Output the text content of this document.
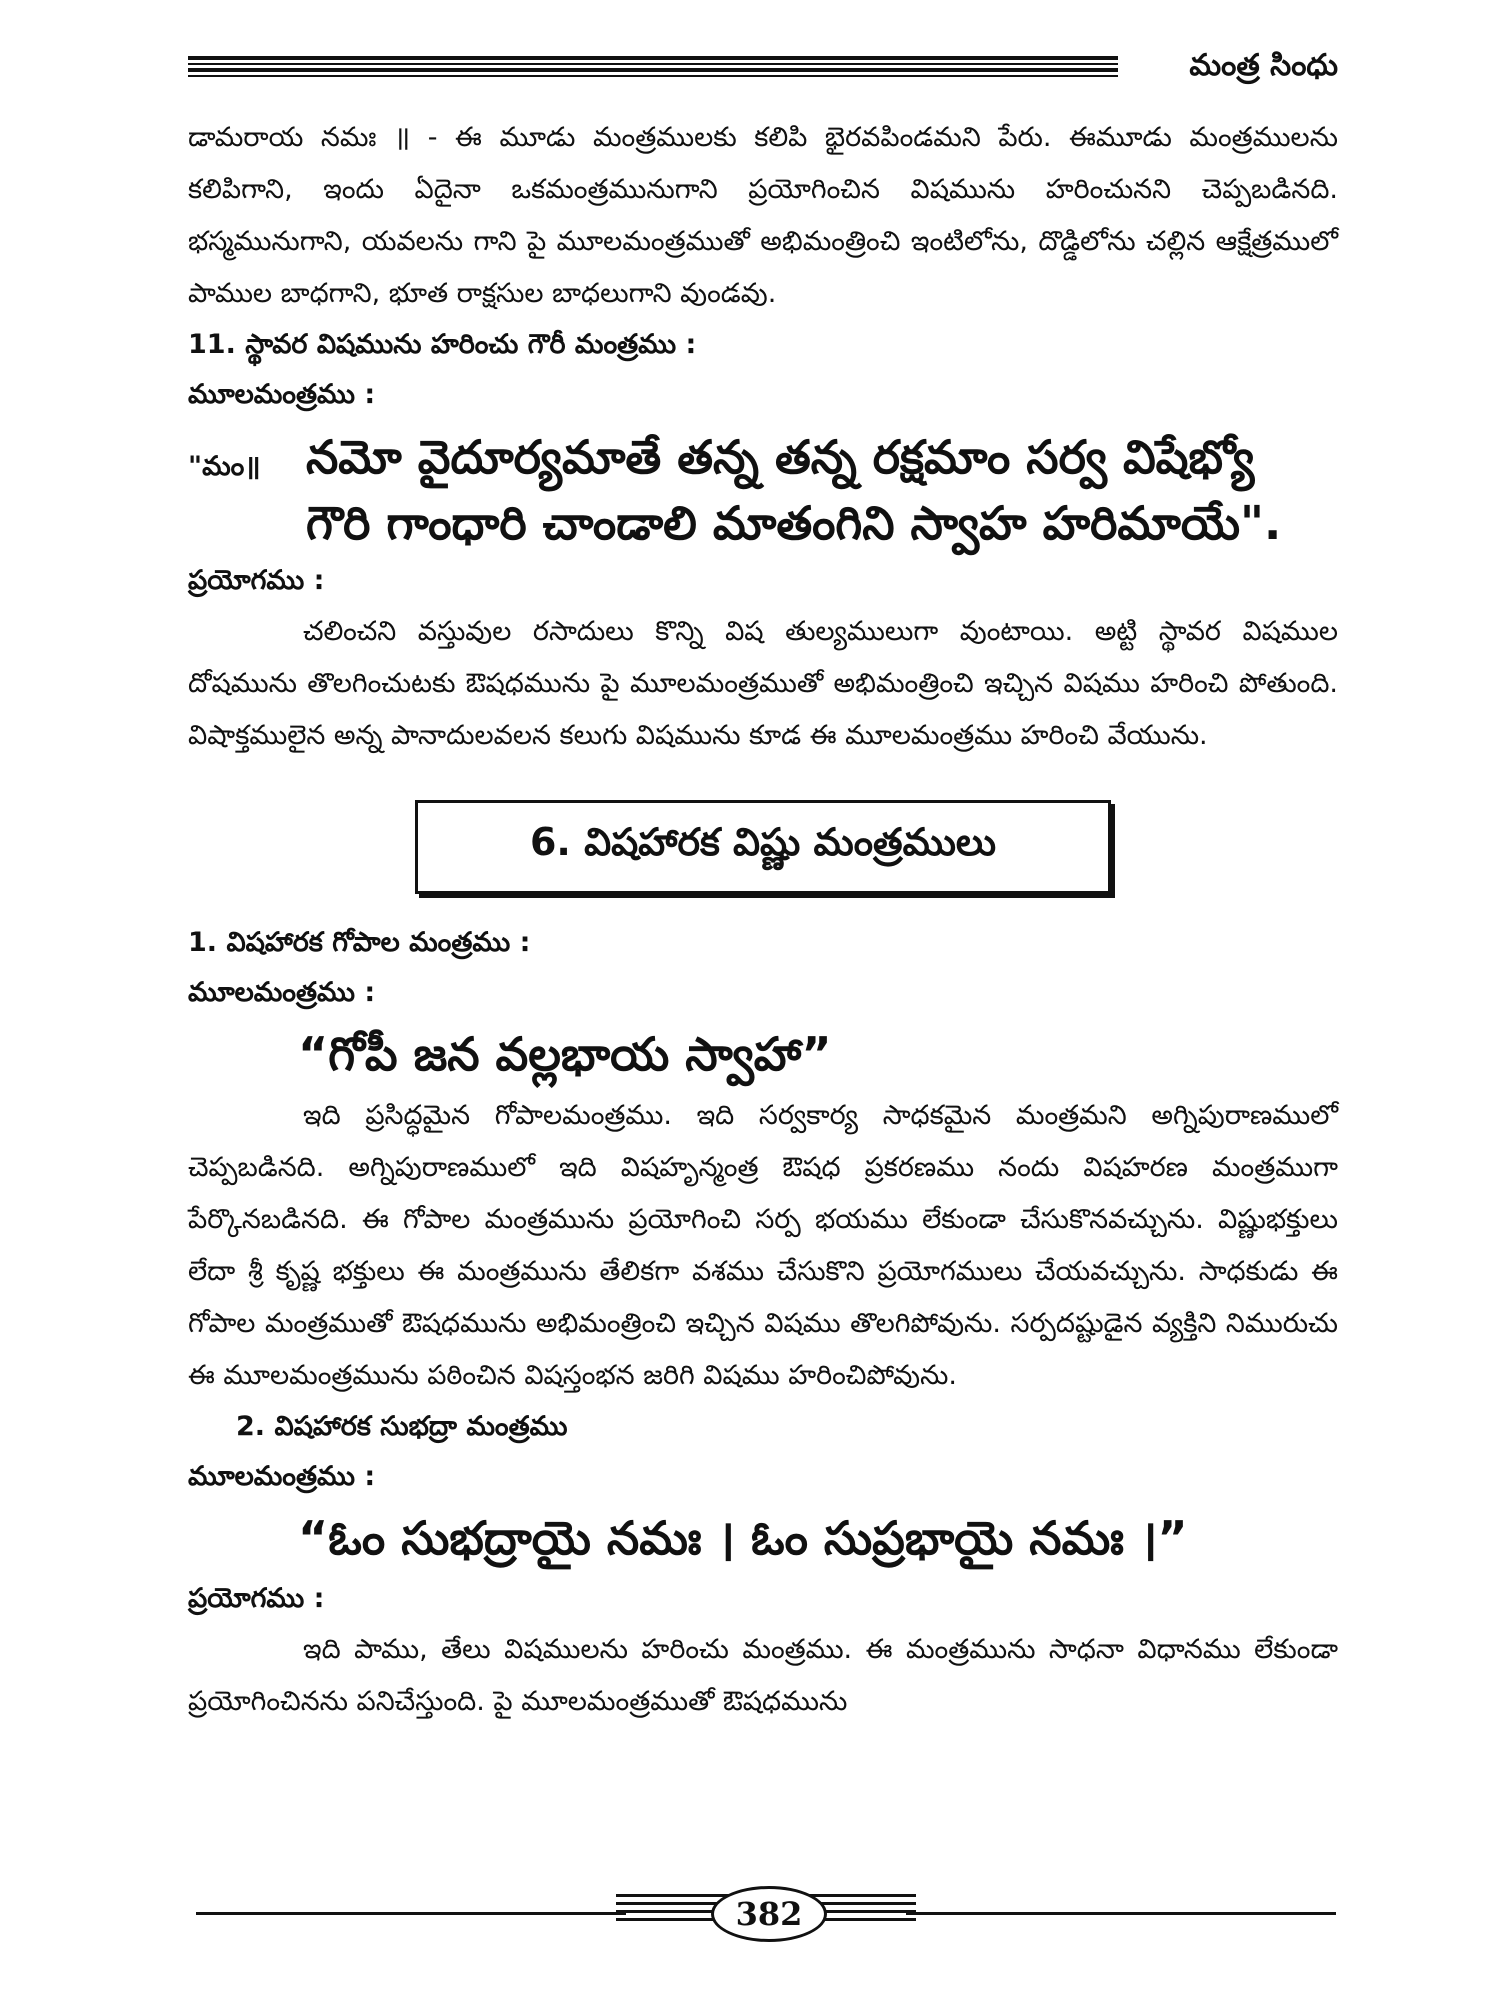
మంత్ర సింధు

డామరాయ నమః ॥ - ఈ మూడు మంత్రములకు కలిపి భైరవపిండమని పేరు. ఈమూడు మంత్రములను కలిపిగాని, ఇందు ఏదైనా ఒకమంత్రమునుగాని ప్రయోగించిన విషమును హరించునని చెప్పబడినది. భస్మమునుగాని, యవలను గాని పై మూలమంత్రముతో అభిమంత్రించి ఇంటిలోను, దొడ్డిలోను చల్లిన ఆక్షేత్రములో పాముల బాధగాని, భూత రాక్షసుల బాధలుగాని వుండవు.

11. స్థావర విషమును హరించు గౌరీ మంత్రము :

మూలమంత్రము :

"మం॥ నమో వైదూర్యమాతే తన్న తన్న రక్షమాం సర్వ విషేభ్యో
గౌరి గాంధారి చాండాలి మాతంగిని స్వాహ హరిమాయే".

ప్రయోగము :

చలించని వస్తువుల రసాదులు కొన్ని విష తుల్యములుగా వుంటాయి. అట్టి స్థావర విషముల దోషమును తొలగించుటకు ఔషధమును పై మూలమంత్రముతో అభిమంత్రించి ఇచ్చిన విషము హరించి పోతుంది. విషాక్తములైన అన్న పానాదులవలన కలుగు విషమును కూడ ఈ మూలమంత్రము హరించి వేయును.

6. విషహారక విష్ణు మంత్రములు

1. విషహారక గోపాల మంత్రము :

మూలమంత్రము :

“గోపీ జన వల్లభాయ స్వాహా”

ఇది ప్రసిద్ధమైన గోపాలమంత్రము. ఇది సర్వకార్య సాధకమైన మంత్రమని అగ్నిపురాణములో చెప్పబడినది. అగ్నిపురాణములో ఇది విషహృన్మంత్ర ఔషధ ప్రకరణము నందు విషహరణ మంత్రముగా పేర్కొనబడినది. ఈ గోపాల మంత్రమును ప్రయోగించి సర్ప భయము లేకుండా చేసుకొనవచ్చును. విష్ణుభక్తులు లేదా శ్రీ కృష్ణ భక్తులు ఈ మంత్రమును తేలికగా వశము చేసుకొని ప్రయోగములు చేయవచ్చును. సాధకుడు ఈ గోపాల మంత్రముతో ఔషధమును అభిమంత్రించి ఇచ్చిన విషము తొలగిపోవును. సర్పదష్టుడైన వ్యక్తిని నిమురుచు ఈ మూలమంత్రమును పఠించిన విషస్తంభన జరిగి విషము హరించిపోవును.

2. విషహారక సుభద్రా మంత్రము

మూలమంత్రము :

“ఓం సుభద్రాయై నమః । ఓం సుప్రభాయై నమః ।”

ప్రయోగము :

ఇది పాము, తేలు విషములను హరించు మంత్రము. ఈ మంత్రమును సాధనా విధానము లేకుండా ప్రయోగించినను పనిచేస్తుంది. పై మూలమంత్రముతో ఔషధమును

382
